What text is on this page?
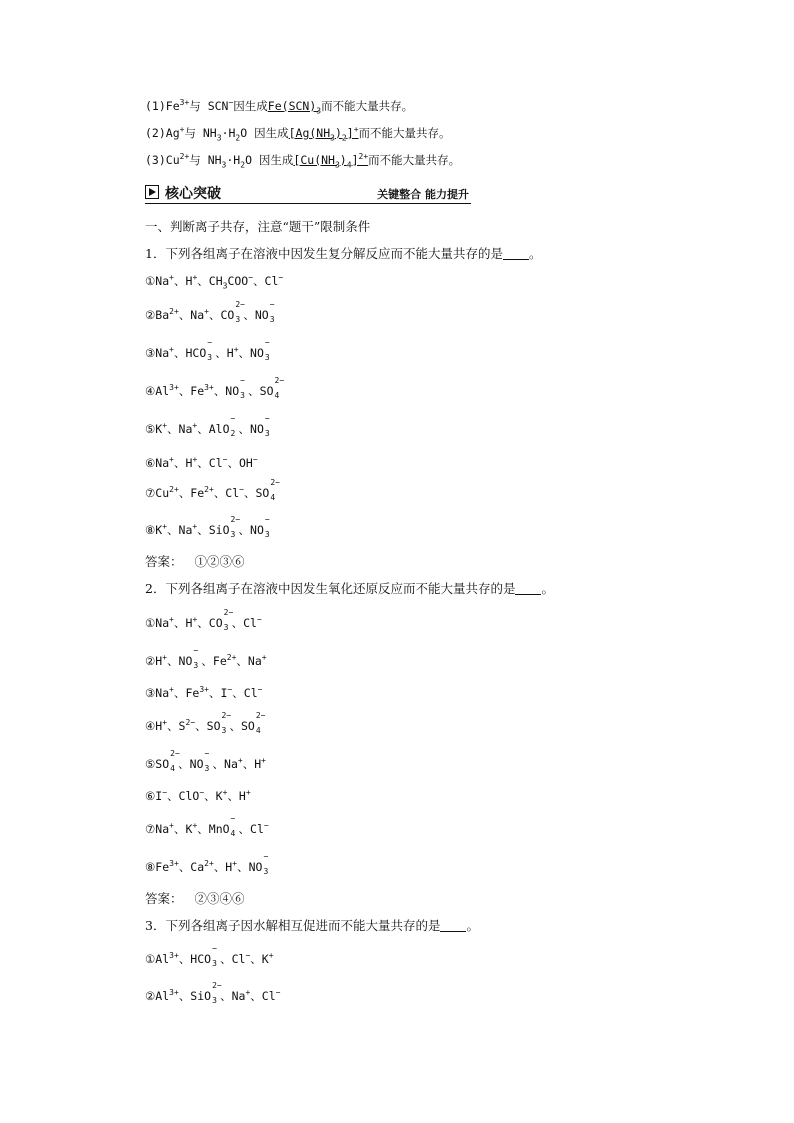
$(1)Fe^{3+}$与 SCN−因生成$Fe(SCN)_3$而不能大量共存。
(2)Ag+与 $NH_3\cdot H_2O$ 因生成$[Ag(NH_3)_2]^+$而不能大量共存。
$(3)Cu^{2+}$与 $NH_3\cdot H_2O$ 因生成$[Cu(NH_3)_4]^{2+}$而不能大量共存。
核心突破	关键整合 能力提升
一、判断离子共存，注意“题干”限制条件
1．下列各组离子在溶液中因发生复分解反应而不能大量共存的是 。
①Na+、H+、$CH_3COO^-$、Cl−
$②Ba^{2+}$、Na+、CO
2−
3 、NO
−
3
③Na+、HCO
−
3 、H+、NO
−
3
$④Al^{3+}$、$Fe^{3+}$、NO
−
3 、SO
2−
4
⑤K+、Na+、AlO
−
2 、NO
−
3
⑥Na+、H+、Cl−、OH−
$⑦Cu^{2+}$、$Fe^{2+}$、Cl−、SO
2−
4
⑧K+、Na+、SiO
2−
3 、NO
−
3
答案： ①②③⑥
2．下列各组离子在溶液中因发生氧化还原反应而不能大量共存的是 。
①Na+、H+、CO
2−
3 、Cl−
②H+、NO
−
3 、$Fe^{2+}$、Na+
③Na+、$Fe^{3+}$、I−、Cl−
④H+、$S^{2-}$、SO
2−
3 、SO
2−
4
⑤SO
2−
4 、NO
−
3 、Na+、H+
⑥I−、ClO−、K+、H+
⑦Na+、K+、MnO
−
4 、Cl−
$⑧Fe^{3+}$、$Ca^{2+}$、H+、NO
−
3
答案： ②③④⑥
3．下列各组离子因水解相互促进而不能大量共存的是 。
$①Al^{3+}$、HCO
−
3 、Cl−、K+
$②Al^{3+}$、SiO
2−
3 、Na+、Cl−
